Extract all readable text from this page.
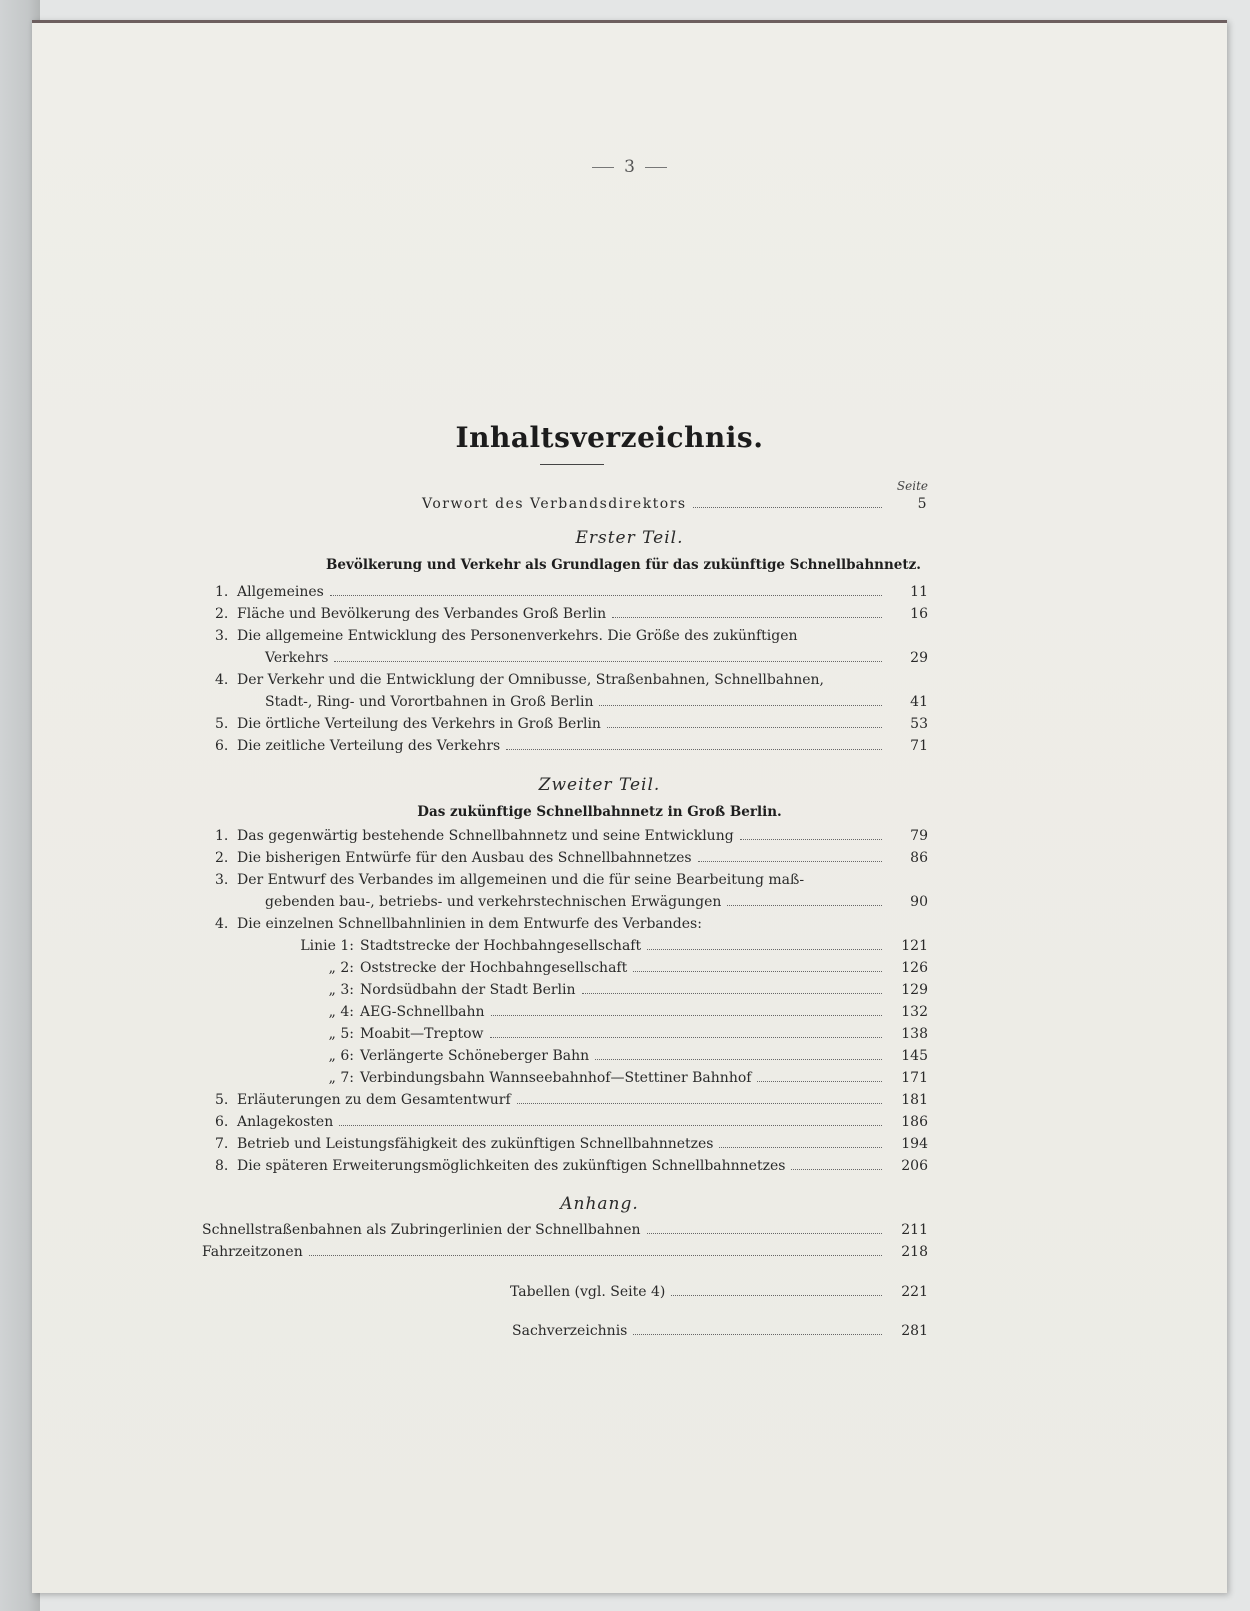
3
Inhaltsverzeichnis.
Seite
Vorwort des Verbandsdirektors	5
Erster Teil.
Bevölkerung und Verkehr als Grundlagen für das zukünftige Schnellbahnnetz.
1. Allgemeines	11
2. Fläche und Bevölkerung des Verbandes Groß Berlin	16
3. Die allgemeine Entwicklung des Personenverkehrs. Die Größe des zukünftigen
Verkehrs	29
4. Der Verkehr und die Entwicklung der Omnibusse, Straßenbahnen, Schnellbahnen,
Stadt-, Ring- und Vorortbahnen in Groß Berlin	41
5. Die örtliche Verteilung des Verkehrs in Groß Berlin	53
6. Die zeitliche Verteilung des Verkehrs	71
Zweiter Teil.
Das zukünftige Schnellbahnnetz in Groß Berlin.
1. Das gegenwärtig bestehende Schnellbahnnetz und seine Entwicklung	79
2. Die bisherigen Entwürfe für den Ausbau des Schnellbahnnetzes	86
3. Der Entwurf des Verbandes im allgemeinen und die für seine Bearbeitung maß-
gebenden bau-, betriebs- und verkehrstechnischen Erwägungen	90
4. Die einzelnen Schnellbahnlinien in dem Entwurfe des Verbandes:
Linie 1: Stadtstrecke der Hochbahngesellschaft	121
„ 2: Oststrecke der Hochbahngesellschaft	126
„ 3: Nordsüdbahn der Stadt Berlin	129
„ 4: AEG-Schnellbahn	132
„ 5: Moabit—Treptow	138
„ 6: Verlängerte Schöneberger Bahn	145
„ 7: Verbindungsbahn Wannseebahnhof—Stettiner Bahnhof	171
5. Erläuterungen zu dem Gesamtentwurf	181
6. Anlagekosten	186
7. Betrieb und Leistungsfähigkeit des zukünftigen Schnellbahnnetzes	194
8. Die späteren Erweiterungsmöglichkeiten des zukünftigen Schnellbahnnetzes	206
Anhang.
Schnellstraßenbahnen als Zubringerlinien der Schnellbahnen	211
Fahrzeitzonen	218
Tabellen (vgl. Seite 4)	221
Sachverzeichnis	281
